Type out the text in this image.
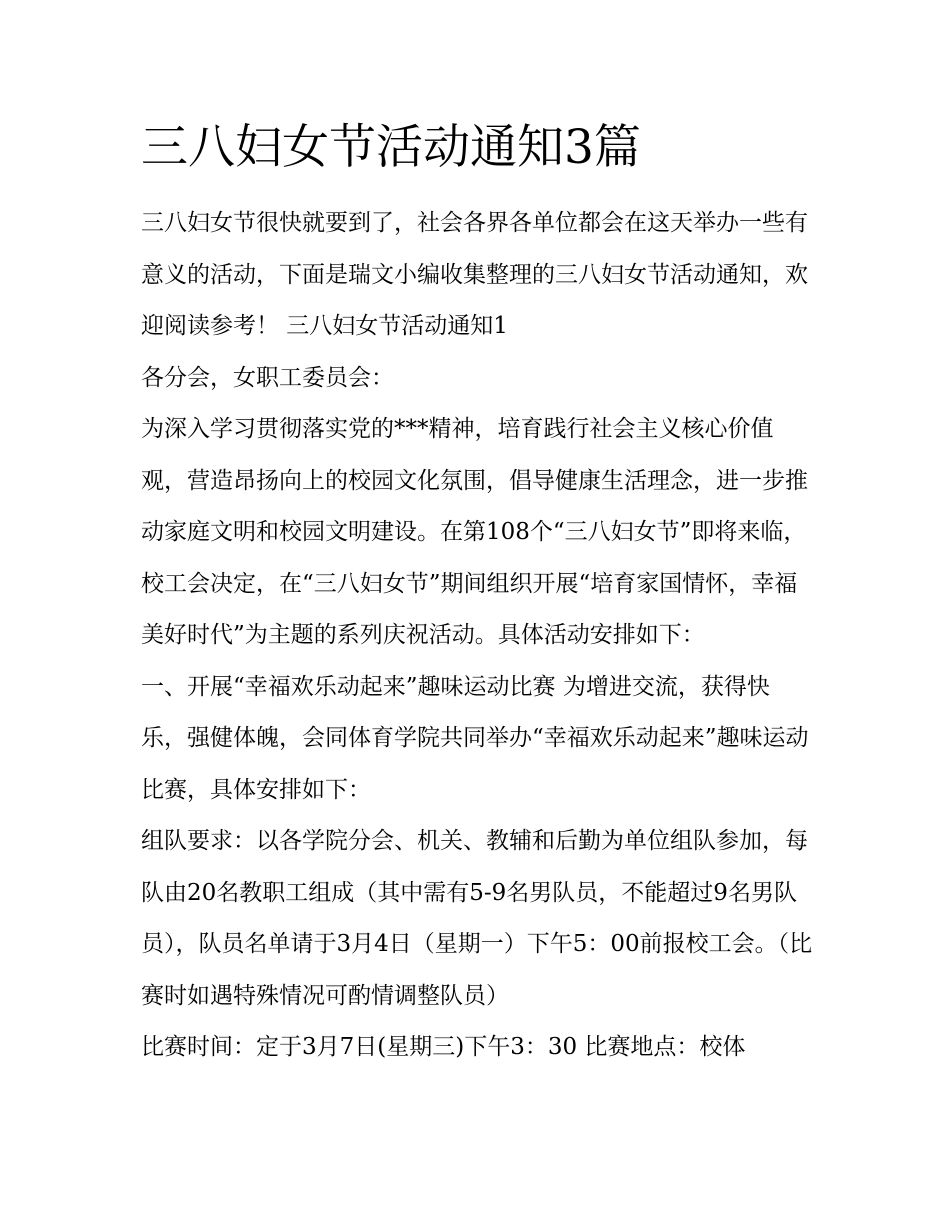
三八妇女节活动通知3篇

三八妇女节很快就要到了，社会各界各单位都会在这天举办一些有意义的活动，下面是瑞文小编收集整理的三八妇女节活动通知，欢迎阅读参考！ 三八妇女节活动通知1

各分会，女职工委员会：

为深入学习贯彻落实党的***精神，培育践行社会主义核心价值观，营造昂扬向上的校园文化氛围，倡导健康生活理念，进一步推动家庭文明和校园文明建设。在第108个“三八妇女节”即将来临，校工会决定，在“三八妇女节”期间组织开展“培育家国情怀，幸福美好时代”为主题的系列庆祝活动。具体活动安排如下：

一、开展“幸福欢乐动起来”趣味运动比赛 为增进交流，获得快乐，强健体魄，会同体育学院共同举办“幸福欢乐动起来”趣味运动比赛，具体安排如下：

组队要求：以各学院分会、机关、教辅和后勤为单位组队参加，每队由20名教职工组成（其中需有5-9名男队员，不能超过9名男队员），队员名单请于3月4日（星期一）下午5：00前报校工会。（比赛时如遇特殊情况可酌情调整队员）

比赛时间：定于3月7日(星期三)下午3：30 比赛地点：校体
